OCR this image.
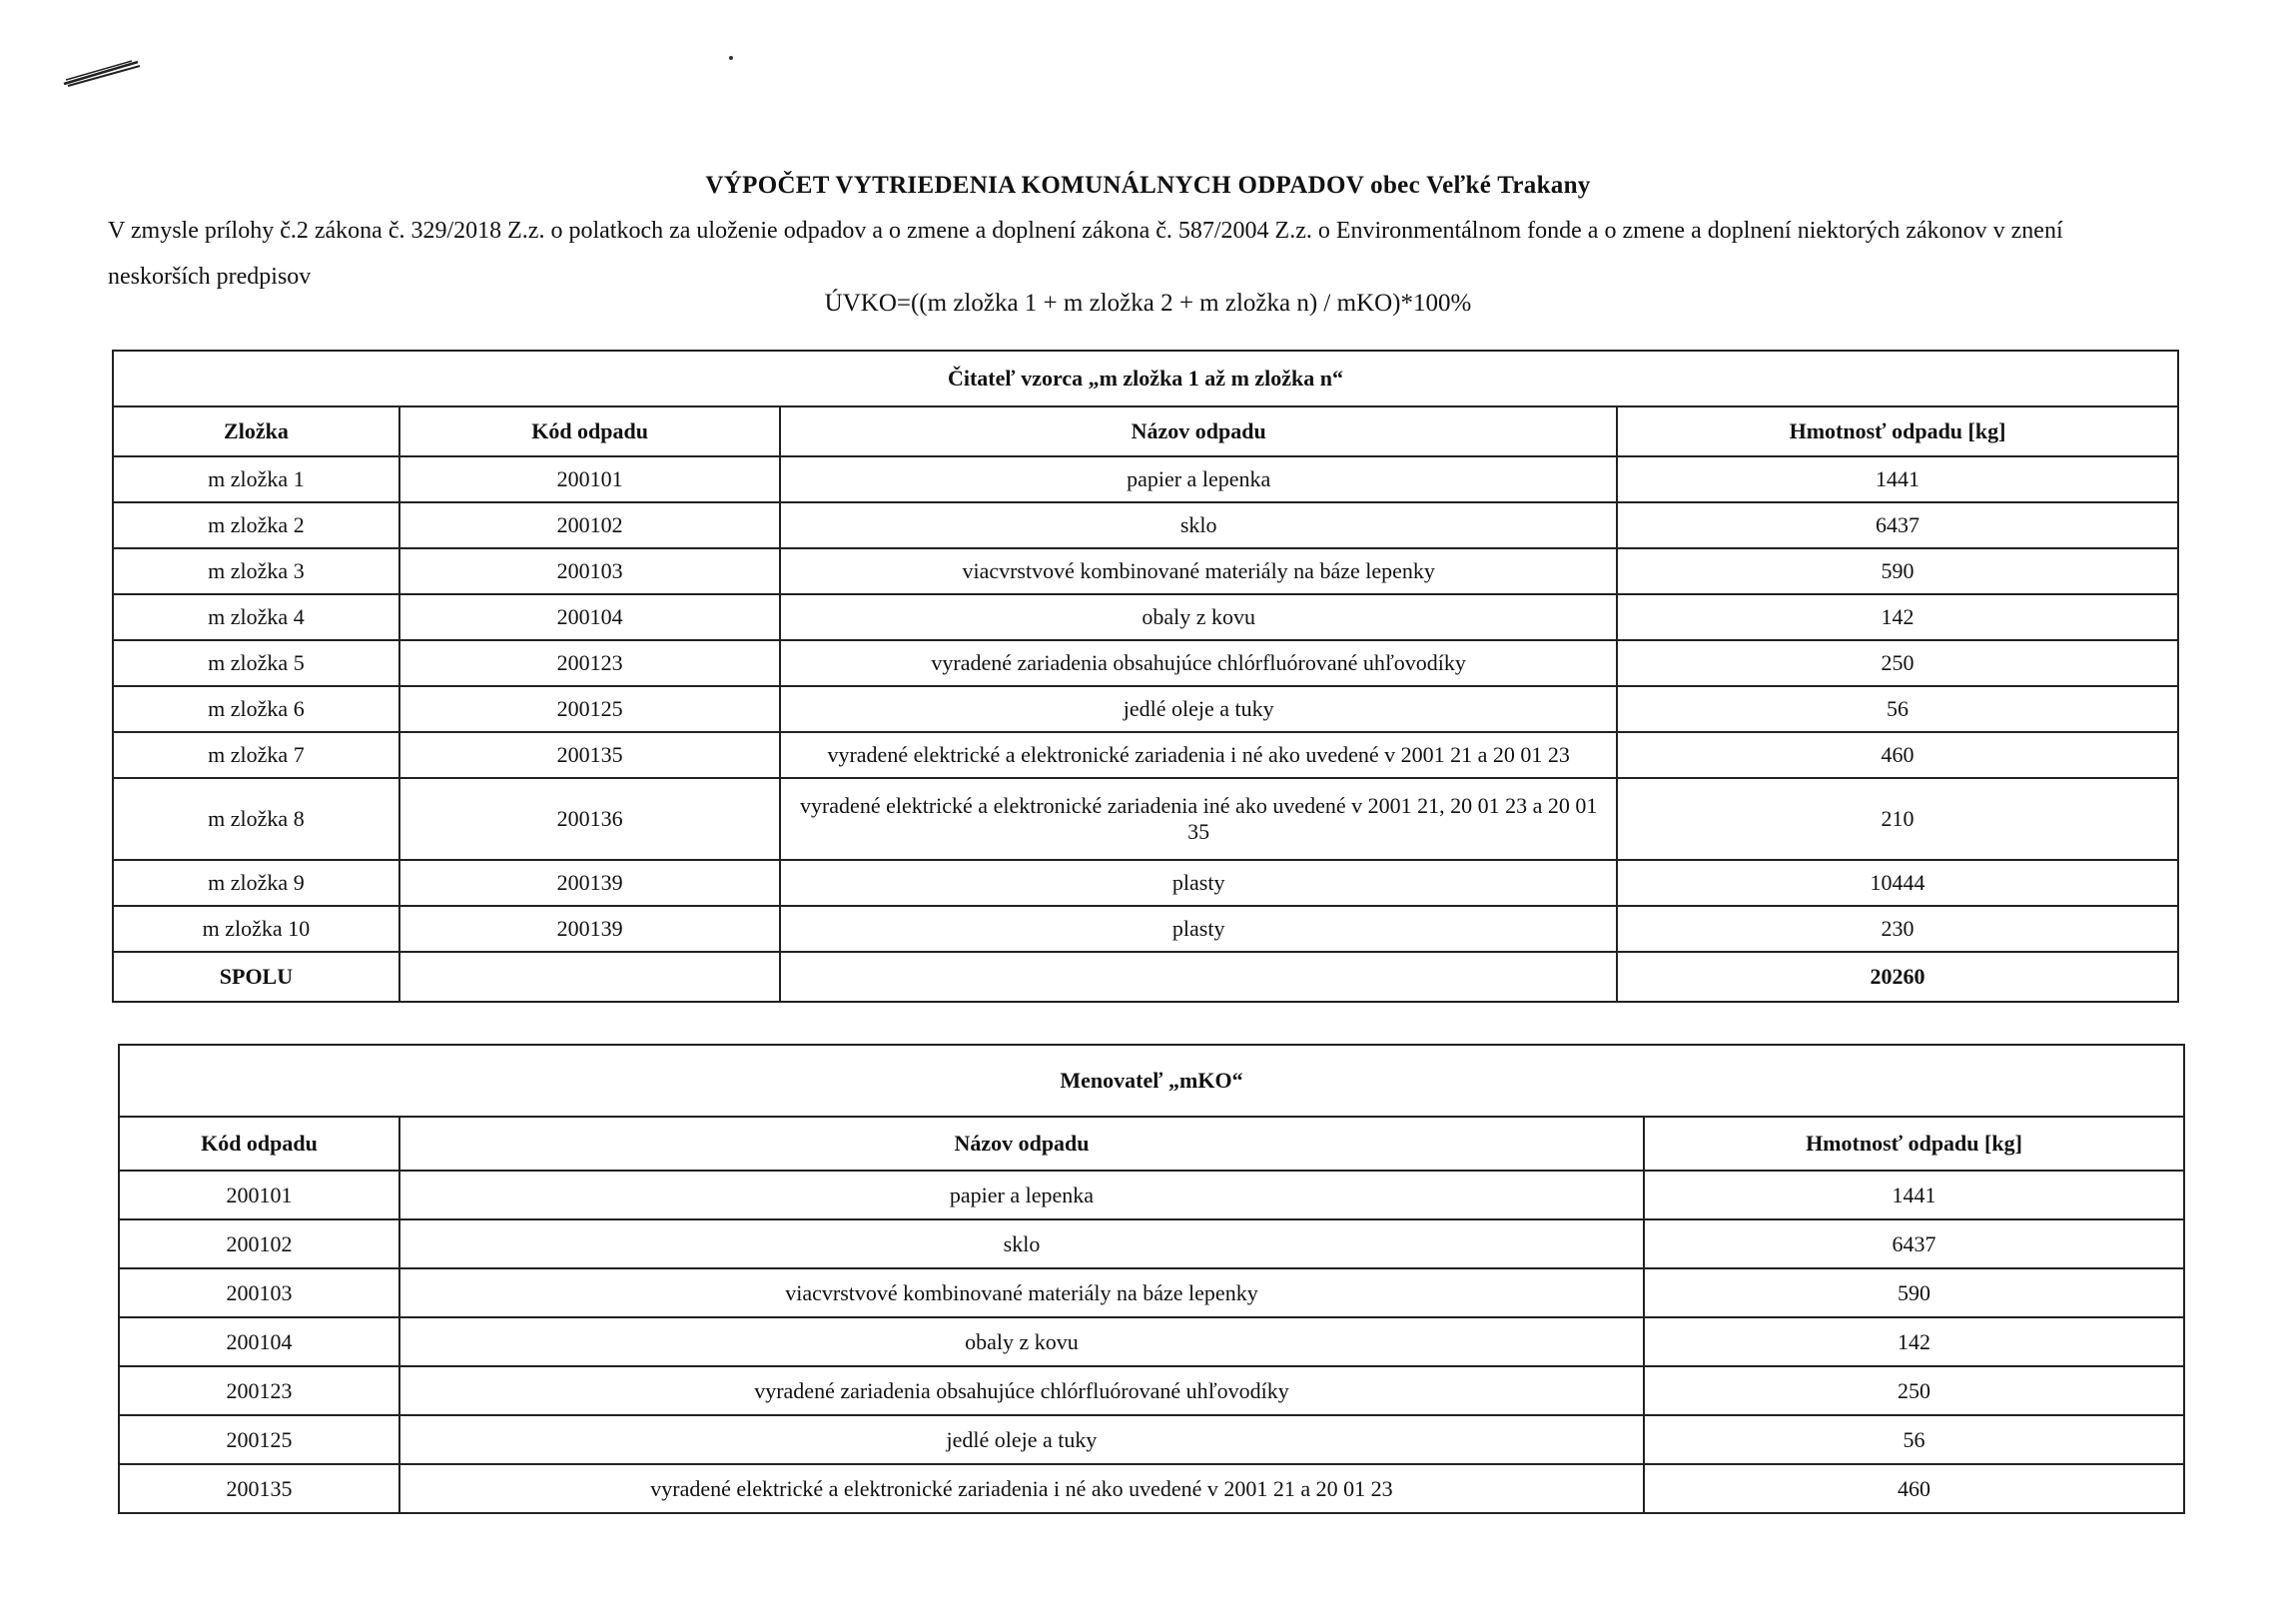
VÝPOČET VYTRIEDENIA KOMUNÁLNYCH ODPADOV obec Veľké Trakany
V zmysle prílohy č.2 zákona č. 329/2018 Z.z. o polatkoch za uloženie odpadov a o zmene a doplnení zákona č. 587/2004 Z.z. o Environmentálnom fonde a o zmene a doplnení niektorých zákonov v znení neskorších predpisov
ÚVKO=((m zložka 1 + m zložka 2 + m zložka n) / mKO)*100%
Čitateľ vzorca „m zložka 1 až m zložka n“			
Zložka	Kód odpadu	Názov odpadu	Hmotnosť odpadu [kg]
m zložka 1	200101	papier a lepenka	1441
m zložka 2	200102	sklo	6437
m zložka 3	200103	viacvrstvové kombinované materiály na báze lepenky	590
m zložka 4	200104	obaly z kovu	142
m zložka 5	200123	vyradené zariadenia obsahujúce chlórfluórované uhľovodíky	250
m zložka 6	200125	jedlé oleje a tuky	56
m zložka 7	200135	vyradené elektrické a elektronické zariadenia i né ako uvedené v 2001 21 a 20 01 23	460
m zložka 8	200136	vyradené elektrické a elektronické zariadenia iné ako uvedené v 2001 21, 20 01 23 a 20 01 35	210
m zložka 9	200139	plasty	10444
m zložka 10	200139	plasty	230
SPOLU			20260
Menovateľ „mKO“		
Kód odpadu	Názov odpadu	Hmotnosť odpadu [kg]
200101	papier a lepenka	1441
200102	sklo	6437
200103	viacvrstvové kombinované materiály na báze lepenky	590
200104	obaly z kovu	142
200123	vyradené zariadenia obsahujúce chlórfluórované uhľovodíky	250
200125	jedlé oleje a tuky	56
200135	vyradené elektrické a elektronické zariadenia i né ako uvedené v 2001 21 a 20 01 23	460
